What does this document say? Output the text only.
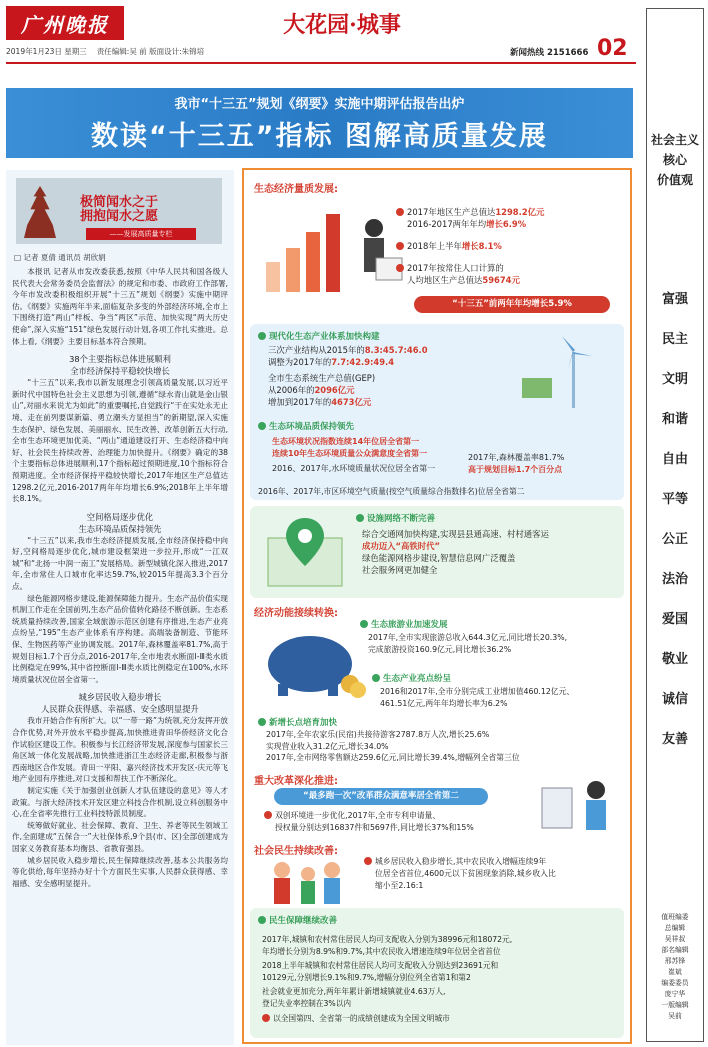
广州晚报	大花园·城事
2019年1月23日 星期三 责任编辑:吴 前 版面设计:朱锦培	新闻热线 2151666 02
我市“十三五”规划《纲要》实施中期评估报告出炉
数读“十三五”指标 图解高质量发展
极简闻水之于
拥抱闻水之愿
——发展高质量专栏
□ 记者 夏倩 通讯员 胡欣娟

本报讯 记者从市发改委获悉,按照《中华人民共和国各级人民代表大会常务委员会监督法》的规定和市委、市政府工作部署,今年市发改委积极组织开展“十三五”规划《纲要》实施中期评估。《纲要》实施两年半来,面临复杂多变的外部经济环境,全市上下围绕打造“两山”样板、争当“两区”示范、加快实现“两大历史使命”,深入实施“151”绿色发展行动计划,各项工作扎实推进。总体上看,《纲要》主要目标基本符合预期。

38个主要指标总体进展顺利
全市经济保持平稳较快增长

“十三五”以来,我市以新发展理念引领高质量发展,以习近平新时代中国特色社会主义思想为引领,遵循“绿水青山就是金山银山”,对丽水来说尤为如此”的重要嘱托,自觉践行“干在实处永无止境、走在前列要谋新篇、勇立潮头方显担当”的新期望,深入实施生态保护、绿色发展、美丽丽水、民生改善、改革创新五大行动,全市生态环境更加优美、“两山”通道建设打开、生态经济稳中向好、社会民生持续改善、治理能力加快提升。《纲要》确定的38个主要指标总体进展顺利,17个指标超过预期进度,10个指标符合预期进度。全市经济保持平稳较快增长,2017年地区生产总值达1298.2亿元,2016-2017两年年均增长6.9%;2018年上半年增长8.1%。

空间格局逐步优化
生态环境品质保持领先

“十三五”以来,我市生态经济提质发展,全市经济保持稳中向好,空间格局逐步优化,城市建设框架进一步拉开,形成“一江双城”和“北扬一中润一南工”发展格局。新型城镇化深入推进,2017年,全市常住人口城市化率达59.7%,较2015年提高3.3个百分点。

绿色能源网格步建设,能源保障能力提升。生态产品价值实现机制工作走在全国前列,生态产品价值转化路径不断创新。生态系统质量持续改善,国家全域旅游示范区创建有序推进,生态产业亮点纷呈,“195”生态产业体系有序构建。高端装备制造、节能环保、生物医药等产业协调发展。2017年,森林覆盖率81.7%,高于规划目标1.7个百分点,2016-2017年,全市地表水断面Ⅰ-Ⅲ类水质比例稳定在99%,其中省控断面Ⅰ-Ⅲ类水质比例稳定在100%,水环境质量状况位居全省第一。

城乡居民收入稳步增长
人民群众获得感、幸福感、安全感明显提升

我市开始合作有所扩大。以“一带一路”为统领,充分发挥开放合作优势,对外开放水平稳步提高,加快推进青田华侨经济文化合作试验区建设工作。积极参与长江经济带发展,深度参与国家长三角区域一体化发展战略,加快推进浙江生态经济走廊,积极参与浙西南地区合作发展。青田一平阳、嘉兴经济技术开发区-庆元等飞地产业园有序推进,对口支援和帮扶工作不断深化。

制定实施《关于加强创业创新人才队伍建设的意见》等人才政策。与浙大经济技术开发区建立科技合作机制,设立科创服务中心,在全省率先推行工业科技特派员制度。

统筹做好就业、社会保障、教育、卫生、养老等民生领域工作,全面建成“五保合一”大社保体系,9个县(市、区)全部创建成为国家义务教育基本均衡县、省教育强县。

城乡居民收入稳步增长,民生保障继续改善,基本公共服务均等化供给,每年坚持办好十个方面民生实事,人民群众获得感、幸福感、安全感明显提升。

生态经济量质发展:
2017年地区生产总值达1298.2亿元
2016-2017两年年均增长6.9%
2018年上半年增长8.1%
2017年按常住人口计算的
人均地区生产总值达59674元
“十三五”前两年年均增长5.9%
现代化生态产业体系加快构建
三次产业结构从2015年的8.3:45.7:46.0
调整为2017年的7.7:42.9:49.4
全市生态系统生产总值(GEP)
从2006年的2096亿元
增加到2017年的4673亿元
生态环境品质保持领先
生态环境状况指数连续14年位居全省第一
连续10年生态环境质量公众满意度全省第一
2016、2017年,水环境质量状况位居全省第一
2017年,森林覆盖率81.7%
高于规划目标1.7个百分点
2016年、2017年,市区环境空气质量(按空气质量综合指数排名)位居全省第二
设施网络不断完善
综合交通网加快构建,实现县县通高速、村村通客运
成功迈入“高铁时代”
绿色能源网格步建设,智慧信息网广泛覆盖
社会服务网更加健全
经济动能接续转换:
生态旅游业加速发展
2017年,全市实现旅游总收入644.3亿元,同比增长20.3%,
完成旅游投资160.9亿元,同比增长36.2%
生态产业亮点纷呈
2016和2017年,全市分别完成工业增加值460.12亿元、
461.51亿元,两年年均增长率为6.2%
新增长点培育加快
2017年,全年农家乐(民宿)共接待游客2787.8万人次,增长25.6%
实现营业收入31.2亿元,增长34.0%
2017年,全市网络零售额达259.6亿元,同比增长39.4%,增幅列全省第三位
重大改革深化推进:
“最多跑一次”改革群众满意率居全省第二
双创环境进一步优化,2017年,全市专利申请量、
授权量分别达到16837件和5697件,同比增长37%和15%
社会民生持续改善:
城乡居民收入稳步增长,其中农民收入增幅连续9年
位居全省首位,4600元以下贫困现象消除,城乡收入比
缩小至2.16:1
民生保障继续改善
2017年,城镇和农村常住居民人均可支配收入分别为38996元和18072元,
年均增长分别为8.9%和9.7%,其中农民收入增速连续9年位居全省首位
2018上半年城镇和农村常住居民人均可支配收入分别达到23691元和
10129元,分别增长9.1%和9.7%,增幅分别位列全省第1和第2
社会就业更加充分,两年年累计新增城镇就业4.63万人,
登记失业率控制在3%以内
以全国第四、全省第一的成绩创建成为全国文明城市
社会主义
核心
价值观
富强
民主
文明
和谐
自由
平等
公正
法治
爱国
敬业
诚信
友善
值班编委
总编辑
吴祥叔
部名编辑
邢苏锋
崔斌
编委委员
庞宁华
一版编辑
吴前
